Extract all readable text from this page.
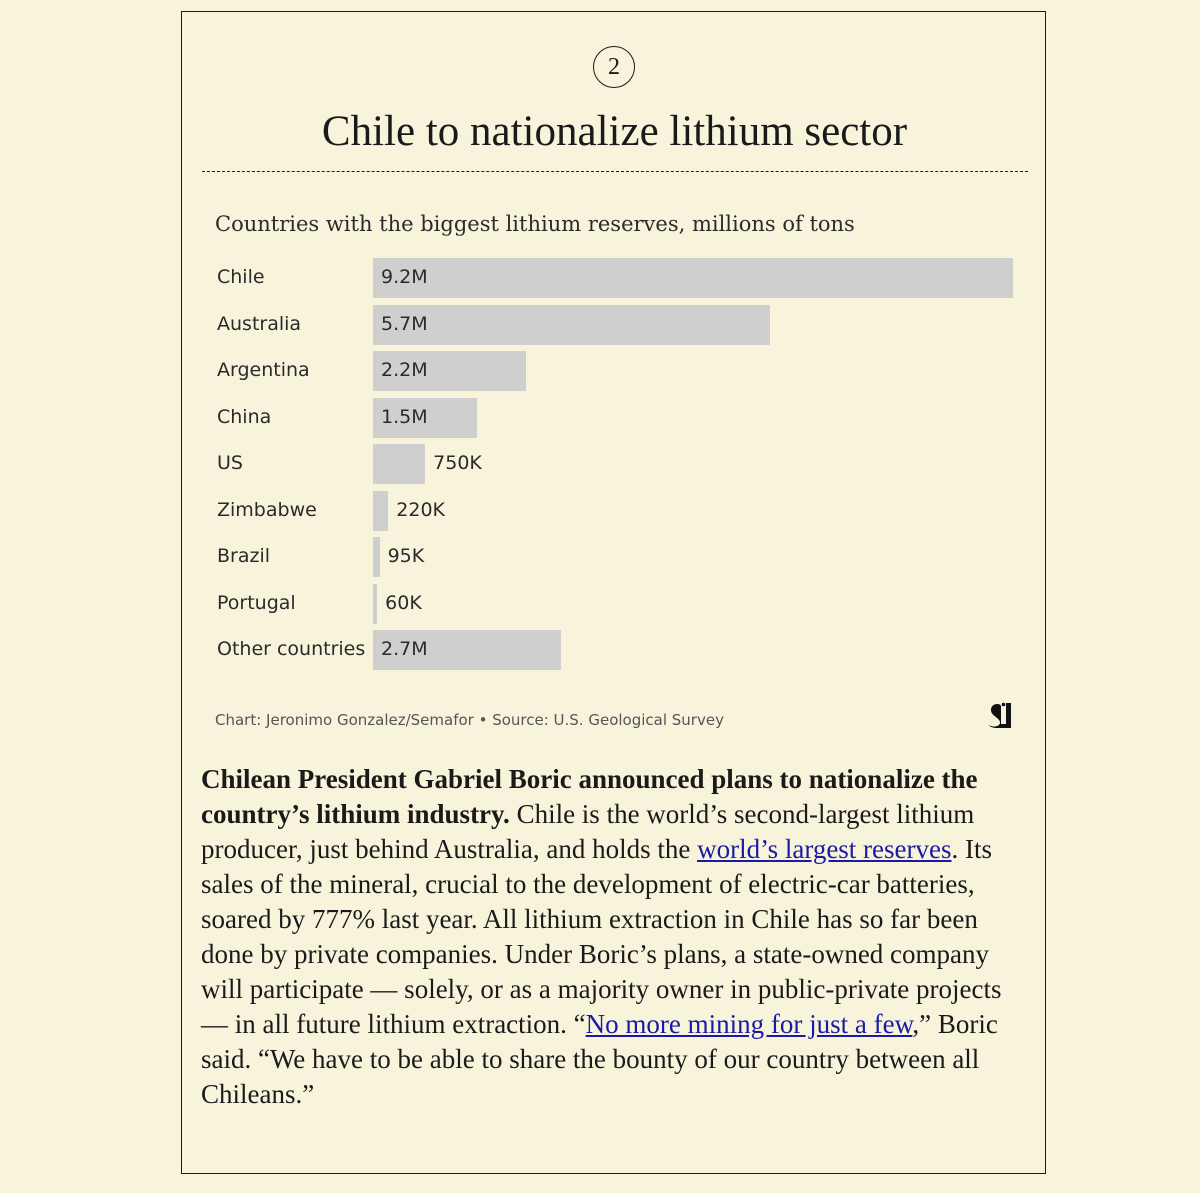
2
Chile to nationalize lithium sector
Countries with the biggest lithium reserves, millions of tons
Chile	9.2M
Australia	5.7M
Argentina	2.2M
China	1.5M
US	750K
Zimbabwe	220K
Brazil	95K
Portugal	60K
Other countries 2.7M
Chart: Jeronimo Gonzalez/Semafor • Source: U.S. Geological Survey
Chilean President Gabriel Boric announced plans to nationalize the country’s lithium industry. Chile is the world’s second-largest lithium producer, just behind Australia, and holds the world’s largest reserves. Its sales of the mineral, crucial to the development of electric-car batteries, soared by 777% last year. All lithium extraction in Chile has so far been done by private companies. Under Boric’s plans, a state-owned company will participate — solely, or as a majority owner in public-private projects — in all future lithium extraction. “No more mining for just a few,” Boric said. “We have to be able to share the bounty of our country between all Chileans.”
